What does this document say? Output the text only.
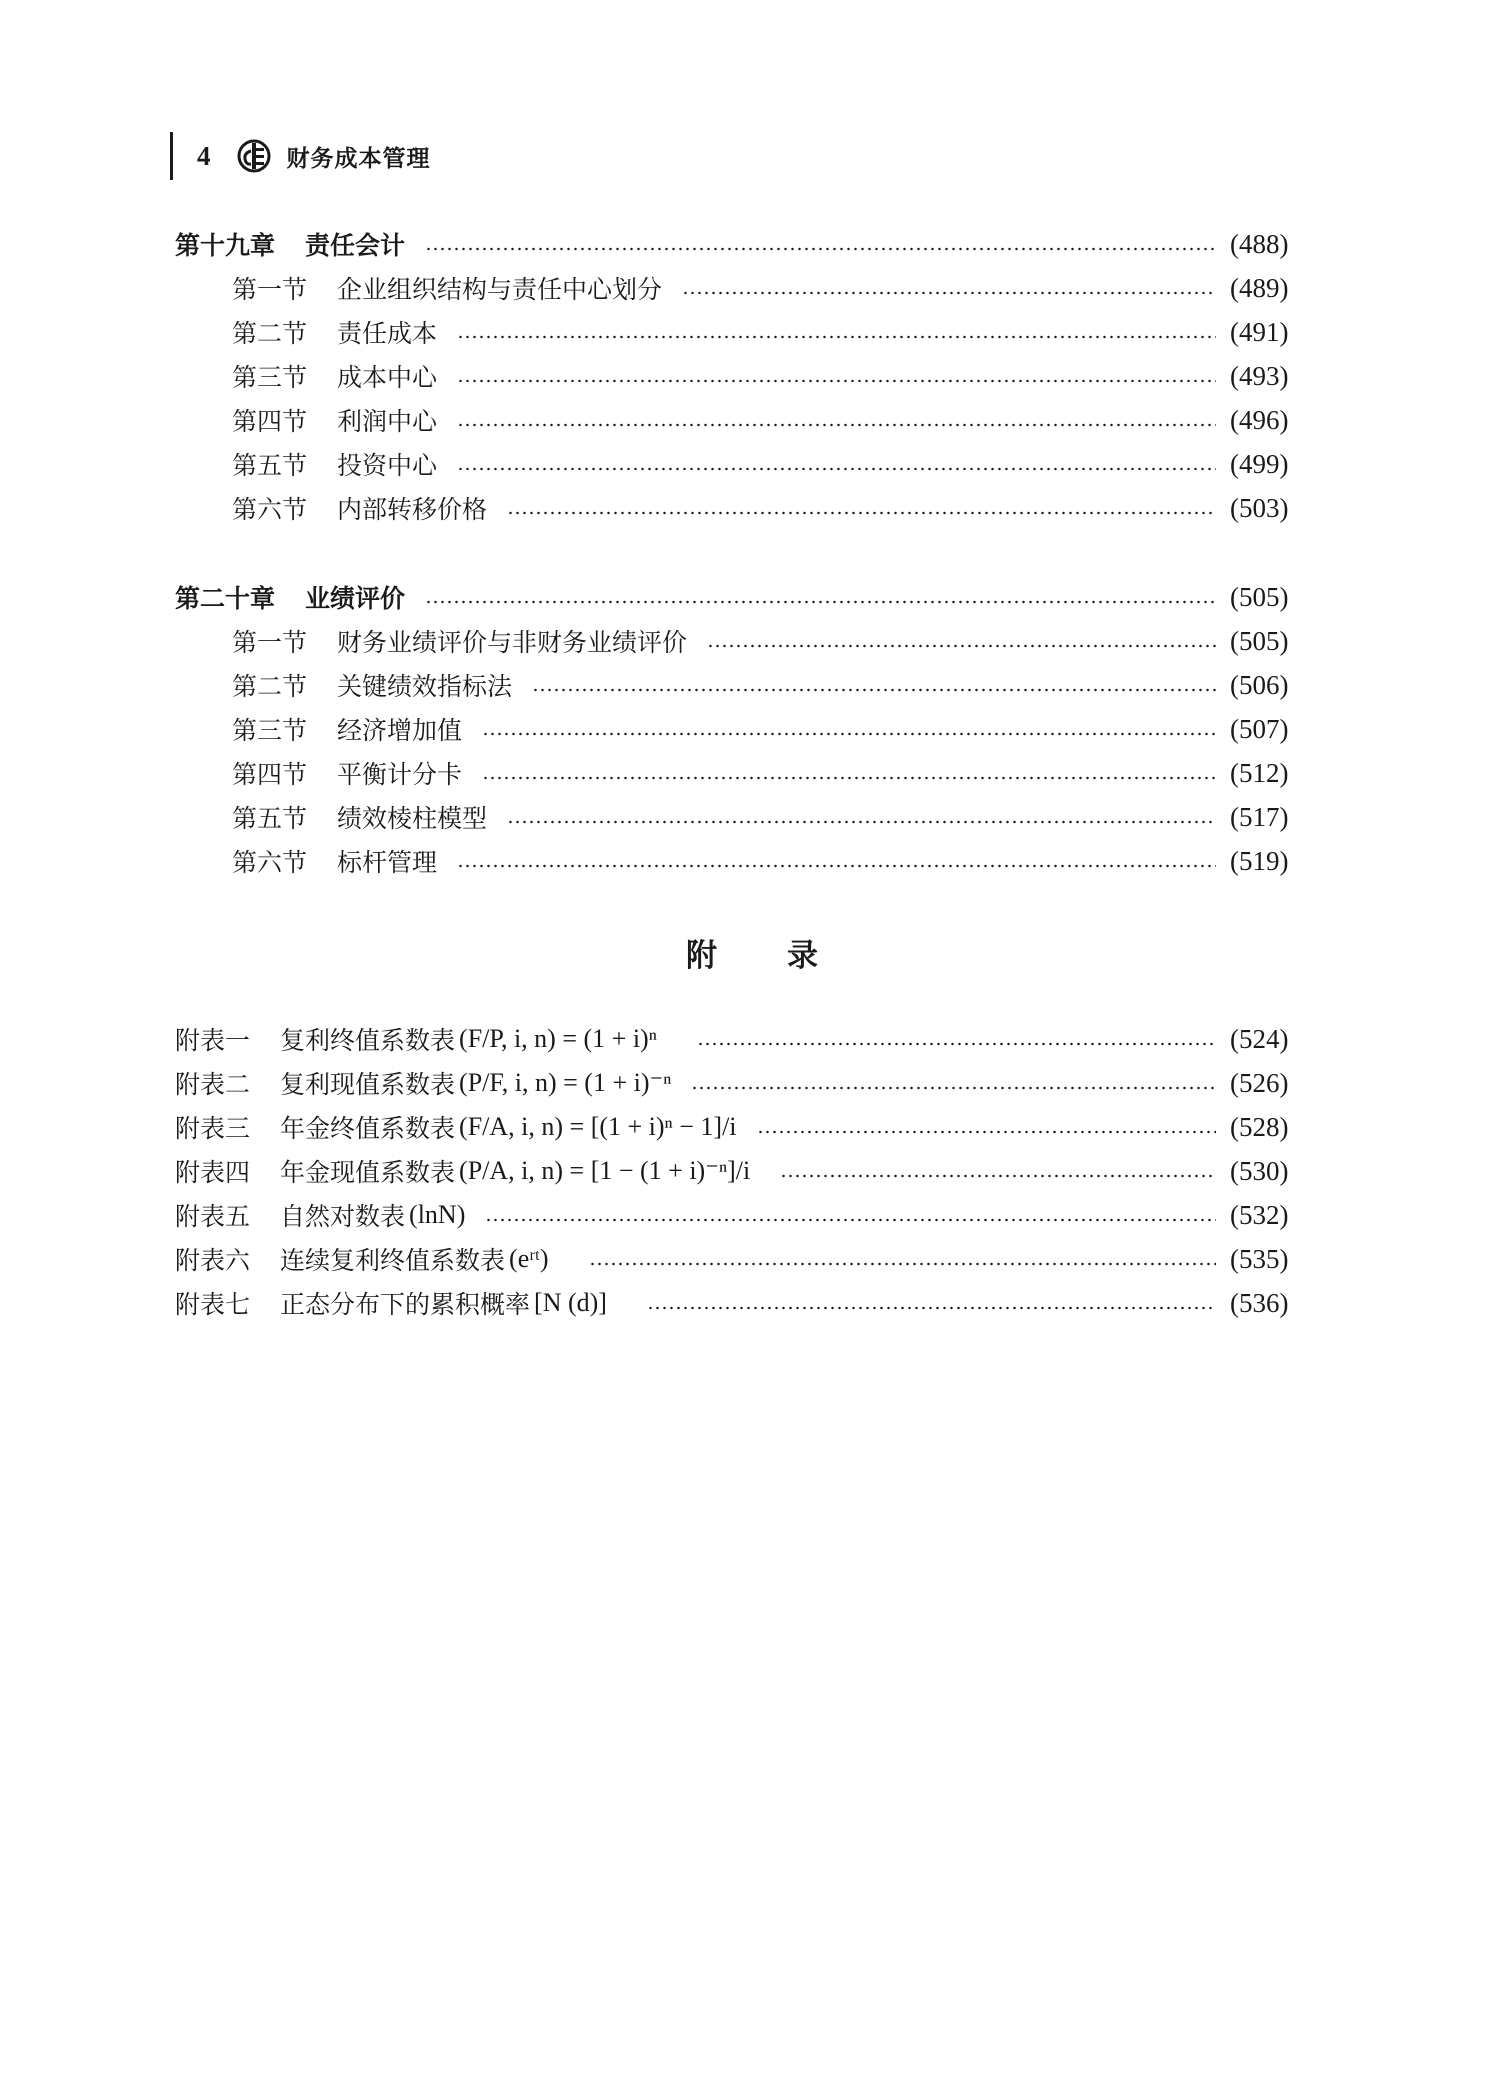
4	财务成本管理
第十九章 责任会计	(488)
第一节 企业组织结构与责任中心划分	(489)
第二节 责任成本	(491)
第三节 成本中心	(493)
第四节 利润中心	(496)
第五节 投资中心	(499)
第六节 内部转移价格	(503)
第二十章 业绩评价	(505)
第一节 财务业绩评价与非财务业绩评价	(505)
第二节 关键绩效指标法	(506)
第三节 经济增加值	(507)
第四节 平衡计分卡	(512)
第五节 绩效棱柱模型	(517)
第六节 标杆管理	(519)
附录
附表一 复利终值系数表 (F/P, i, n) = (1 + i)ⁿ	(524)
附表二 复利现值系数表 (P/F, i, n) = (1 + i)⁻ⁿ	(526)
附表三 年金终值系数表 (F/A, i, n) = [(1 + i)ⁿ − 1]/i	(528)
附表四 年金现值系数表 (P/A, i, n) = [1 − (1 + i)⁻ⁿ]/i	(530)
附表五 自然对数表 (lnN)	(532)
附表六 连续复利终值系数表 (eʳᵗ)	(535)
附表七 正态分布下的累积概率 [N (d)]	(536)
